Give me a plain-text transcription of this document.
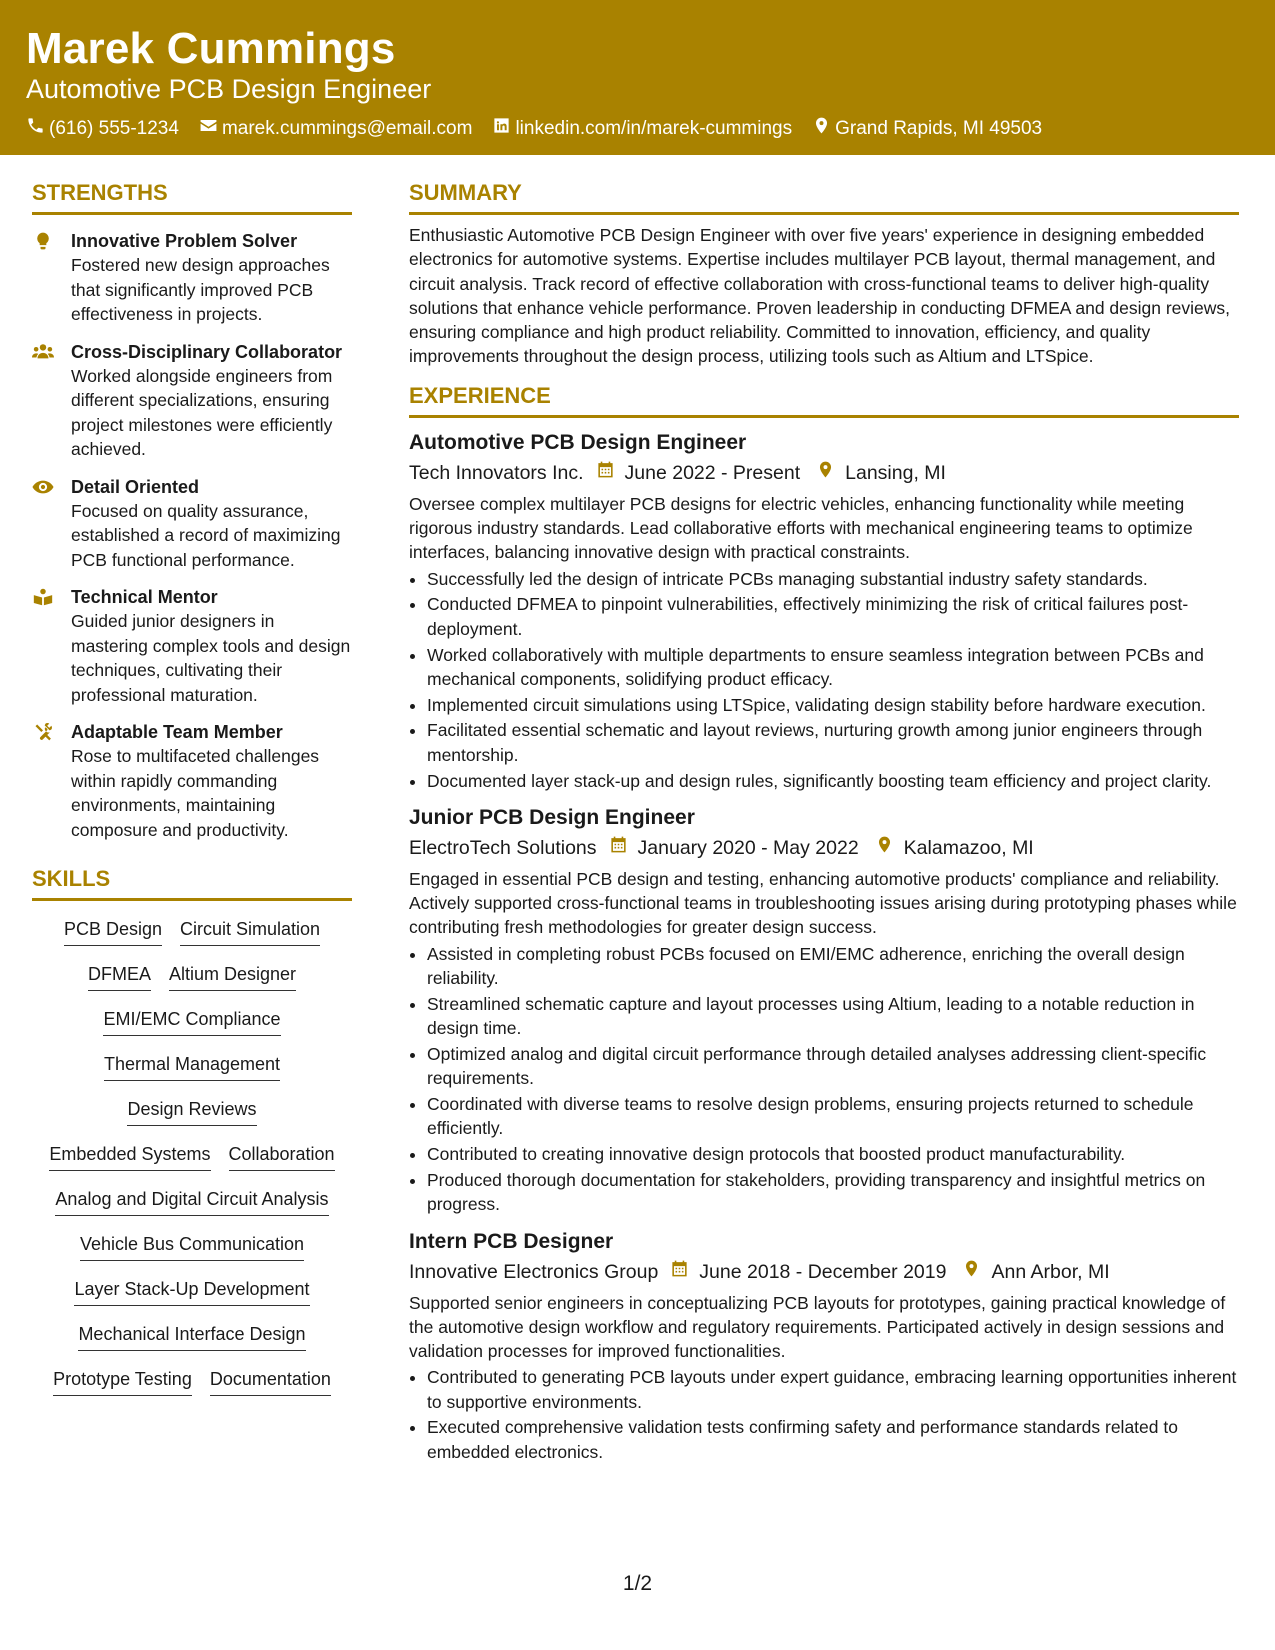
Marek Cummings
Automotive PCB Design Engineer
(616) 555-1234 marek.cummings@email.com linkedin.com/in/marek-cummings Grand Rapids, MI 49503
STRENGTHS
Innovative Problem Solver
Fostered new design approaches that significantly improved PCB effectiveness in projects.
Cross-Disciplinary Collaborator
Worked alongside engineers from different specializations, ensuring project milestones were efficiently achieved.
Detail Oriented
Focused on quality assurance, established a record of maximizing PCB functional performance.
Technical Mentor
Guided junior designers in mastering complex tools and design techniques, cultivating their professional maturation.
Adaptable Team Member
Rose to multifaceted challenges within rapidly commanding environments, maintaining composure and productivity.
SKILLS
PCB Design Circuit Simulation
DFMEA Altium Designer
EMI/EMC Compliance
Thermal Management
Design Reviews
Embedded Systems Collaboration
Analog and Digital Circuit Analysis
Vehicle Bus Communication
Layer Stack-Up Development
Mechanical Interface Design
Prototype Testing Documentation
SUMMARY

Enthusiastic Automotive PCB Design Engineer with over five years' experience in designing embedded electronics for automotive systems. Expertise includes multilayer PCB layout, thermal management, and circuit analysis. Track record of effective collaboration with cross-functional teams to deliver high-quality solutions that enhance vehicle performance. Proven leadership in conducting DFMEA and design reviews, ensuring compliance and high product reliability. Committed to innovation, efficiency, and quality improvements throughout the design process, utilizing tools such as Altium and LTSpice.

EXPERIENCE
Automotive PCB Design Engineer
Tech Innovators Inc. June 2022 - Present Lansing, MI
Oversee complex multilayer PCB designs for electric vehicles, enhancing functionality while meeting rigorous industry standards. Lead collaborative efforts with mechanical engineering teams to optimize interfaces, balancing innovative design with practical constraints.
• Successfully led the design of intricate PCBs managing substantial industry safety standards.
• Conducted DFMEA to pinpoint vulnerabilities, effectively minimizing the risk of critical failures post-deployment.
• Worked collaboratively with multiple departments to ensure seamless integration between PCBs and mechanical components, solidifying product efficacy.
• Implemented circuit simulations using LTSpice, validating design stability before hardware execution.
• Facilitated essential schematic and layout reviews, nurturing growth among junior engineers through mentorship.
• Documented layer stack-up and design rules, significantly boosting team efficiency and project clarity.
Junior PCB Design Engineer
ElectroTech Solutions January 2020 - May 2022 Kalamazoo, MI
Engaged in essential PCB design and testing, enhancing automotive products' compliance and reliability. Actively supported cross-functional teams in troubleshooting issues arising during prototyping phases while contributing fresh methodologies for greater design success.
• Assisted in completing robust PCBs focused on EMI/EMC adherence, enriching the overall design reliability.
• Streamlined schematic capture and layout processes using Altium, leading to a notable reduction in design time.
• Optimized analog and digital circuit performance through detailed analyses addressing client-specific requirements.
• Coordinated with diverse teams to resolve design problems, ensuring projects returned to schedule efficiently.
• Contributed to creating innovative design protocols that boosted product manufacturability.
• Produced thorough documentation for stakeholders, providing transparency and insightful metrics on progress.
Intern PCB Designer
Innovative Electronics Group June 2018 - December 2019 Ann Arbor, MI
Supported senior engineers in conceptualizing PCB layouts for prototypes, gaining practical knowledge of the automotive design workflow and regulatory requirements. Participated actively in design sessions and validation processes for improved functionalities.
• Contributed to generating PCB layouts under expert guidance, embracing learning opportunities inherent to supportive environments.
• Executed comprehensive validation tests confirming safety and performance standards related to embedded electronics.
1/2
